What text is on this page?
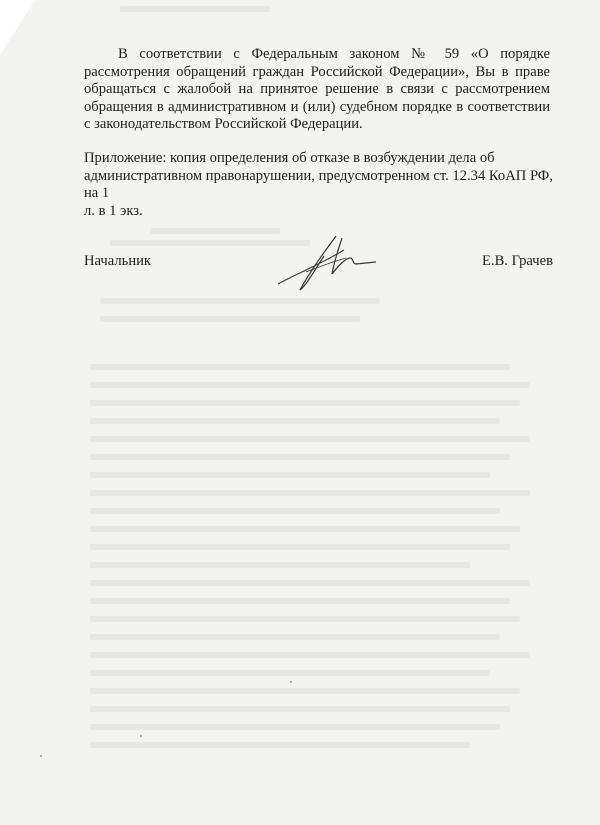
В соответствии с Федеральным законом № 59 «О порядке рассмотрения обращений граждан Российской Федерации», Вы в праве обращаться с жалобой на принятое решение в связи с рассмотрением обращения в административном и (или) судебном порядке в соответствии с законодательством Российской Федерации.
Приложение: копия определения об отказе в возбуждении дела об
административном правонарушении, предусмотренном ст. 12.34 КоАП РФ, на 1
л. в 1 экз.
Начальник	Е.В. Грачев
